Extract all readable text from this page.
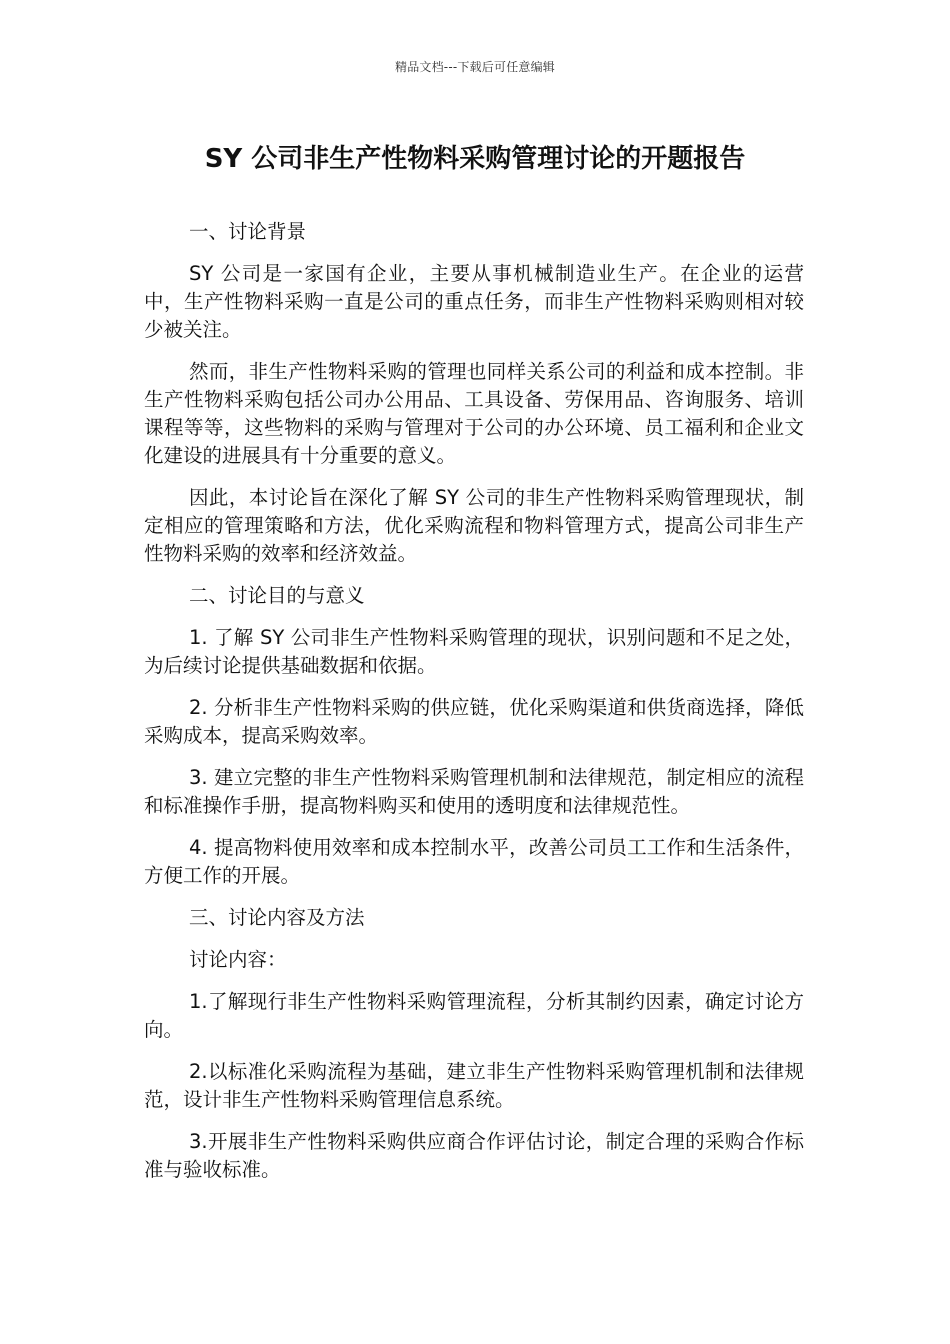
精品文档---下载后可任意编辑
SY 公司非生产性物料采购管理讨论的开题报告

一、讨论背景

SY 公司是一家国有企业，主要从事机械制造业生产。在企业的运营中，生产性物料采购一直是公司的重点任务，而非生产性物料采购则相对较少被关注。

然而，非生产性物料采购的管理也同样关系公司的利益和成本控制。非生产性物料采购包括公司办公用品、工具设备、劳保用品、咨询服务、培训课程等等，这些物料的采购与管理对于公司的办公环境、员工福利和企业文化建设的进展具有十分重要的意义。

因此，本讨论旨在深化了解 SY 公司的非生产性物料采购管理现状，制定相应的管理策略和方法，优化采购流程和物料管理方式，提高公司非生产性物料采购的效率和经济效益。

二、讨论目的与意义

1. 了解 SY 公司非生产性物料采购管理的现状，识别问题和不足之处，为后续讨论提供基础数据和依据。

2. 分析非生产性物料采购的供应链，优化采购渠道和供货商选择，降低采购成本，提高采购效率。

3. 建立完整的非生产性物料采购管理机制和法律规范，制定相应的流程和标准操作手册，提高物料购买和使用的透明度和法律规范性。

4. 提高物料使用效率和成本控制水平，改善公司员工工作和生活条件，方便工作的开展。

三、讨论内容及方法

讨论内容：

1.了解现行非生产性物料采购管理流程，分析其制约因素，确定讨论方向。

2.以标准化采购流程为基础，建立非生产性物料采购管理机制和法律规范，设计非生产性物料采购管理信息系统。

3.开展非生产性物料采购供应商合作评估讨论，制定合理的采购合作标准与验收标准。
